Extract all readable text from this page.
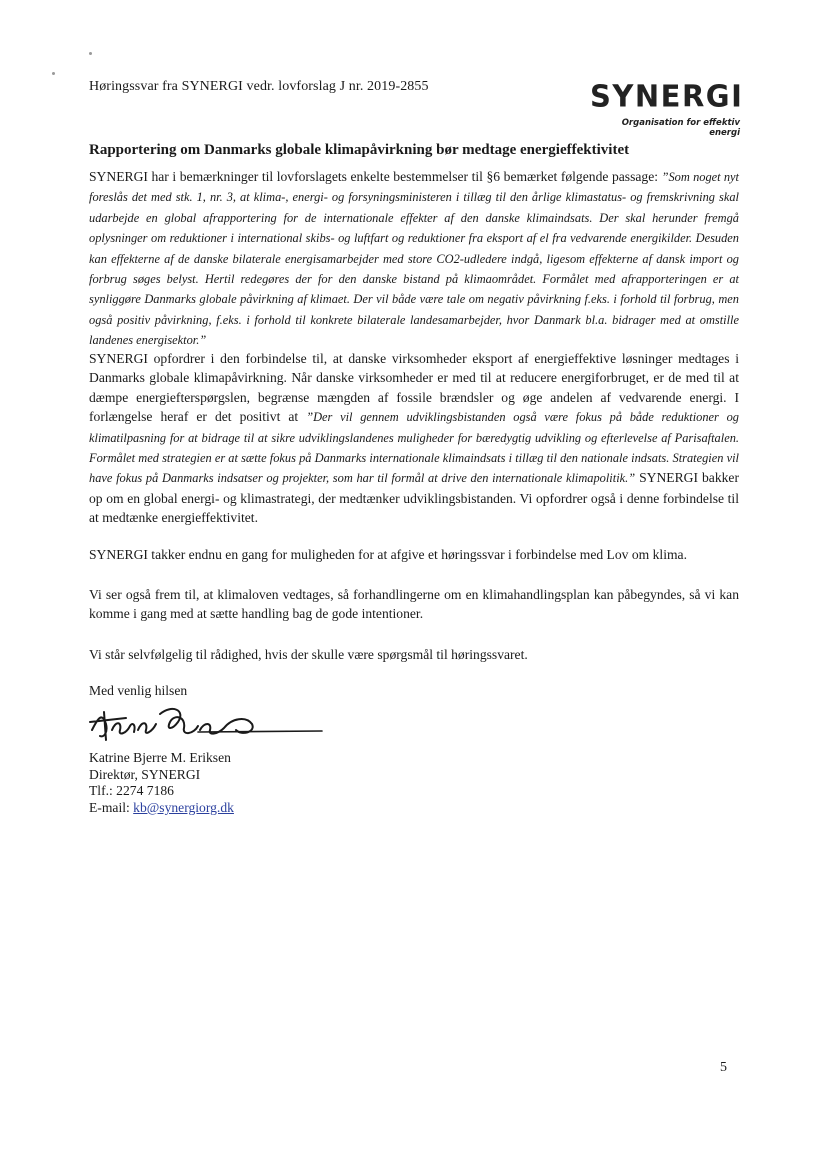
Høringssvar fra SYNERGI vedr. lovforslag J nr. 2019-2855	SYNERGI
Organisation for effektiv energi
Rapportering om Danmarks globale klimapåvirkning bør medtage energieffektivitet
SYNERGI har i bemærkninger til lovforslagets enkelte bestemmelser til §6 bemærket følgende passage: ”Som noget nyt foreslås det med stk. 1, nr. 3, at klima-, energi- og forsyningsministeren i tillæg til den årlige klimastatus- og fremskrivning skal udarbejde en global afrapportering for de internationale effekter af den danske klimaindsats. Der skal herunder fremgå oplysninger om reduktioner i international skibs- og luftfart og reduktioner fra eksport af el fra vedvarende energikilder. Desuden kan effekterne af de danske bilaterale energisamarbejder med store CO2-udledere indgå, ligesom effekterne af dansk import og forbrug søges belyst. Hertil redegøres der for den danske bistand på klimaområdet. Formålet med afrapporteringen er at synliggøre Danmarks globale påvirkning af klimaet. Der vil både være tale om negativ påvirkning f.eks. i forhold til forbrug, men også positiv påvirkning, f.eks. i forhold til konkrete bilaterale landesamarbejder, hvor Danmark bl.a. bidrager med at omstille landenes energisektor.”
SYNERGI opfordrer i den forbindelse til, at danske virksomheder eksport af energieffektive løsninger medtages i Danmarks globale klimapåvirkning. Når danske virksomheder er med til at reducere energiforbruget, er de med til at dæmpe energiefterspørgslen, begrænse mængden af fossile brændsler og øge andelen af vedvarende energi. I forlængelse heraf er det positivt at ”Der vil gennem udviklingsbistanden også være fokus på både reduktioner og klimatilpasning for at bidrage til at sikre udviklingslandenes muligheder for bæredygtig udvikling og efterlevelse af Parisaftalen. Formålet med strategien er at sætte fokus på Danmarks internationale klimaindsats i tillæg til den nationale indsats. Strategien vil have fokus på Danmarks indsatser og projekter, som har til formål at drive den internationale klimapolitik.” SYNERGI bakker op om en global energi- og klimastrategi, der medtænker udviklingsbistanden. Vi opfordrer også i denne forbindelse til at medtænke energieffektivitet.
SYNERGI takker endnu en gang for muligheden for at afgive et høringssvar i forbindelse med Lov om klima.
Vi ser også frem til, at klimaloven vedtages, så forhandlingerne om en klimahandlingsplan kan påbegyndes, så vi kan komme i gang med at sætte handling bag de gode intentioner.
Vi står selvfølgelig til rådighed, hvis der skulle være spørgsmål til høringssvaret.
Med venlig hilsen
Katrine Bjerre M. Eriksen
Direktør, SYNERGI
Tlf.: 2274 7186
E-mail: kb@synergiorg.dk
5
